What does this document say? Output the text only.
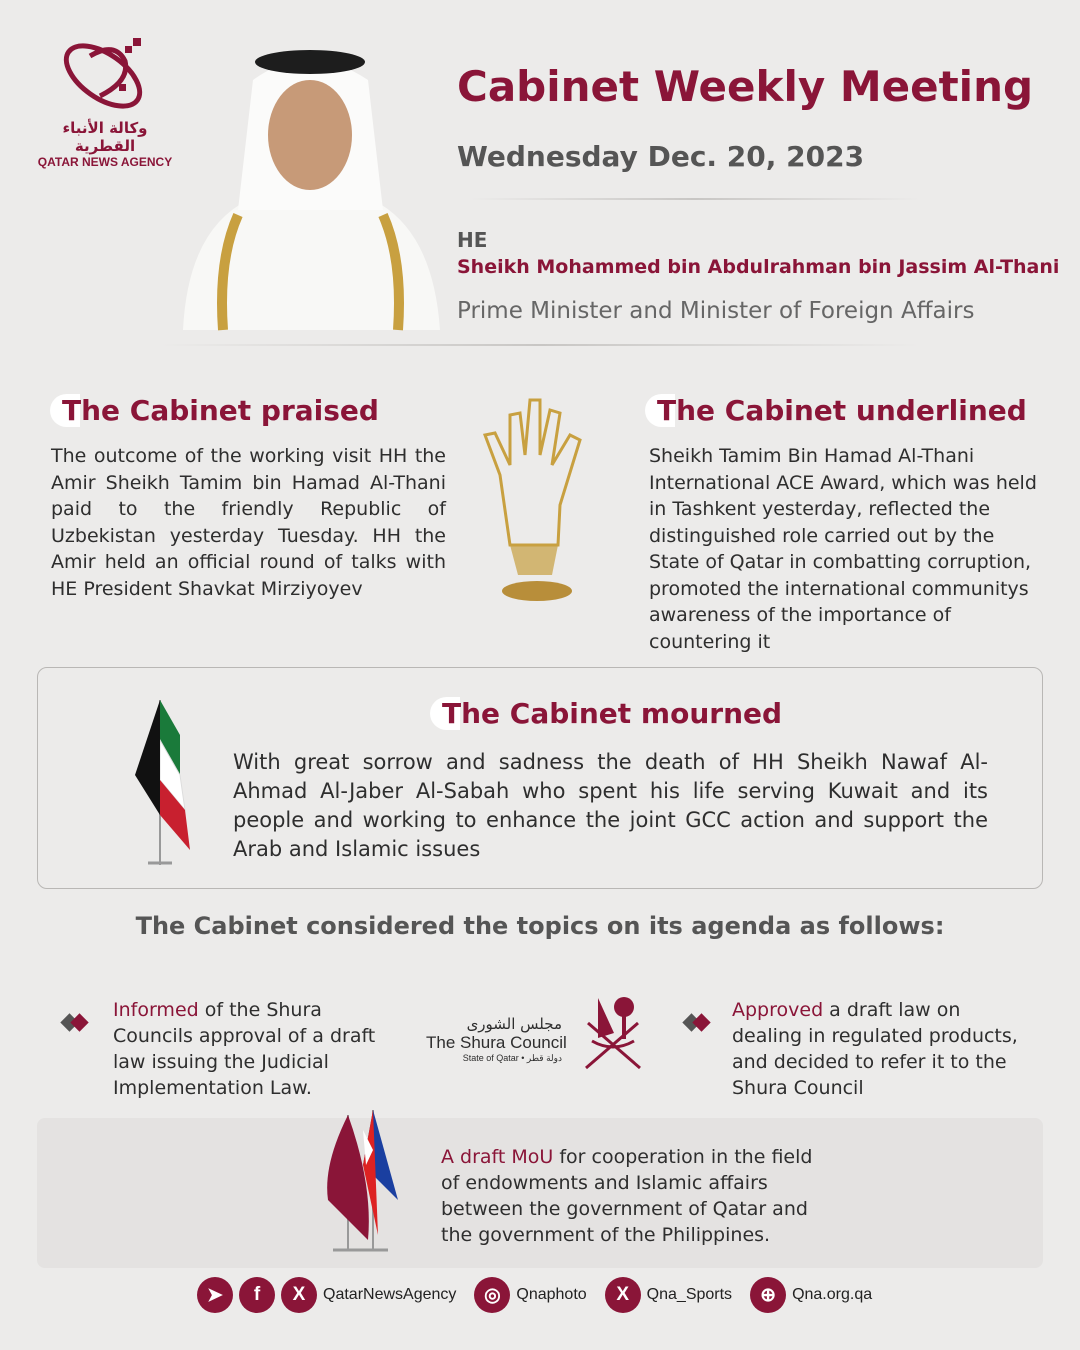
وكالة الأنباء القطرية
QATAR NEWS AGENCY
Cabinet Weekly Meeting
Wednesday Dec. 20, 2023
HE
Sheikh Mohammed bin Abdulrahman bin Jassim Al-Thani
Prime Minister and Minister of Foreign Affairs
The Cabinet praised
The outcome of the working visit HH the Amir Sheikh Tamim bin Hamad Al-Thani paid to the friendly Republic of Uzbekistan yesterday Tuesday. HH the Amir held an official round of talks with HE President Shavkat Mirziyoyev
The Cabinet underlined
Sheikh Tamim Bin Hamad Al-Thani International ACE Award, which was held in Tashkent yesterday, reflected the distinguished role carried out by the State of Qatar in combatting corruption, promoted the international communitys awareness of the importance of countering it
The Cabinet mourned
With great sorrow and sadness the death of HH Sheikh Nawaf Al-Ahmad Al-Jaber Al-Sabah who spent his life serving Kuwait and its people and working to enhance the joint GCC action and support the Arab and Islamic issues
The Cabinet considered the topics on its agenda as follows:
Informed of the Shura Councils approval of a draft law issuing the Judicial Implementation Law.
مجلس الشورى
The Shura Council
State of Qatar • دولة قطر
Approved a draft law on dealing in regulated products, and decided to refer it to the Shura Council
A draft MoU for cooperation in the field of endowments and Islamic affairs between the government of Qatar and the government of the Philippines.
➤	f	X	QatarNewsAgency	◎ Qnaphoto	X	Qna_Sports	⊕	Qna.org.qa
